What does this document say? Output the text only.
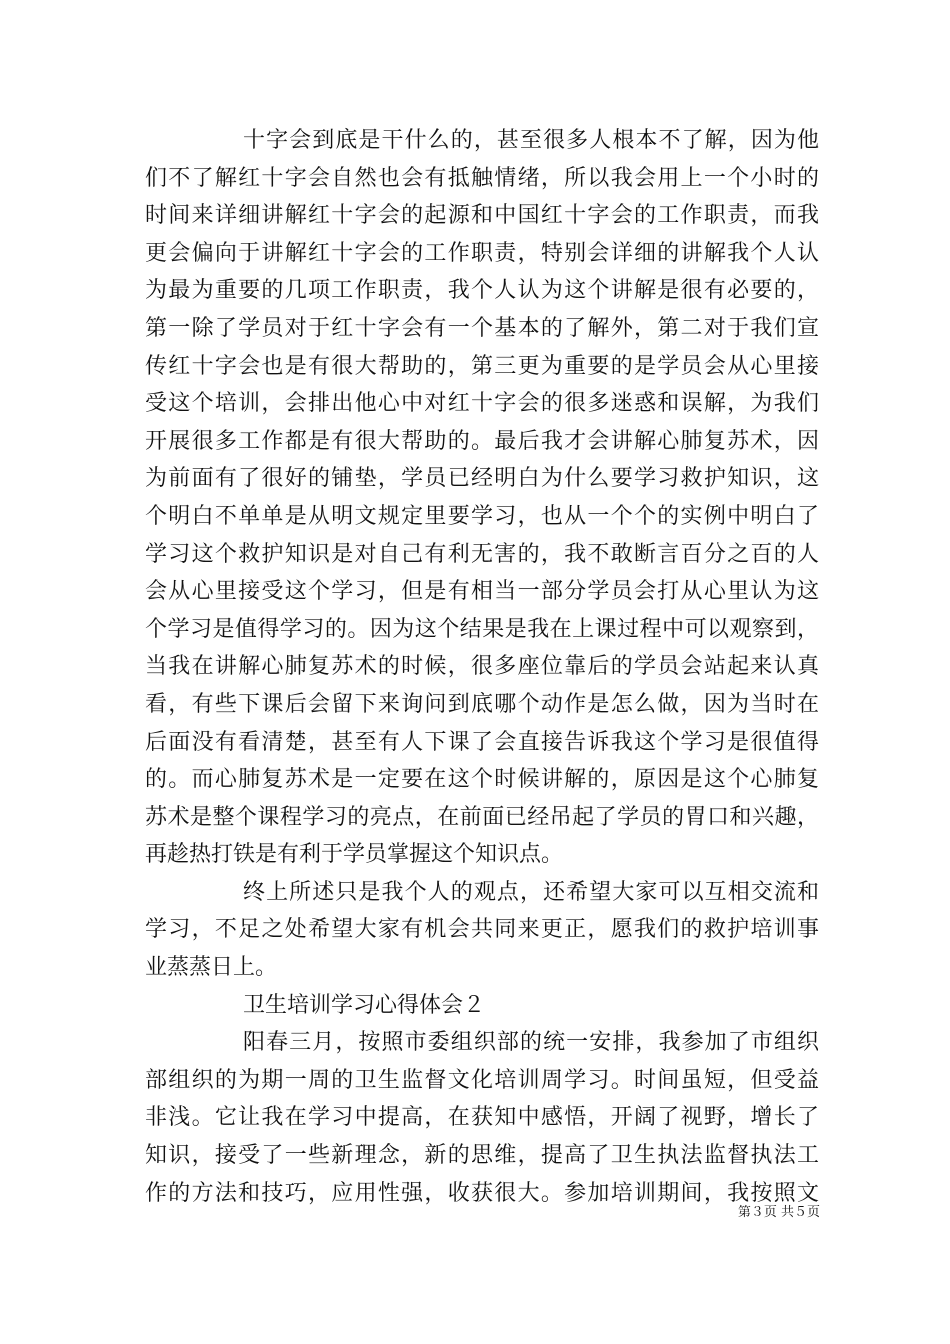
十字会到底是干什么的，甚至很多人根本不了解，因为他
们不了解红十字会自然也会有抵触情绪，所以我会用上一个小时的
时间来详细讲解红十字会的起源和中国红十字会的工作职责，而我
更会偏向于讲解红十字会的工作职责，特别会详细的讲解我个人认
为最为重要的几项工作职责，我个人认为这个讲解是很有必要的，
第一除了学员对于红十字会有一个基本的了解外，第二对于我们宣
传红十字会也是有很大帮助的，第三更为重要的是学员会从心里接
受这个培训，会排出他心中对红十字会的很多迷惑和误解，为我们
开展很多工作都是有很大帮助的。最后我才会讲解心肺复苏术，因
为前面有了很好的铺垫，学员已经明白为什么要学习救护知识，这
个明白不单单是从明文规定里要学习，也从一个个的实例中明白了
学习这个救护知识是对自己有利无害的，我不敢断言百分之百的人
会从心里接受这个学习，但是有相当一部分学员会打从心里认为这
个学习是值得学习的。因为这个结果是我在上课过程中可以观察到，
当我在讲解心肺复苏术的时候，很多座位靠后的学员会站起来认真
看，有些下课后会留下来询问到底哪个动作是怎么做，因为当时在
后面没有看清楚，甚至有人下课了会直接告诉我这个学习是很值得
的。而心肺复苏术是一定要在这个时候讲解的，原因是这个心肺复
苏术是整个课程学习的亮点，在前面已经吊起了学员的胃口和兴趣，
再趁热打铁是有利于学员掌握这个知识点。
终上所述只是我个人的观点，还希望大家可以互相交流和
学习，不足之处希望大家有机会共同来更正，愿我们的救护培训事
业蒸蒸日上。
卫生培训学习心得体会２
阳春三月，按照市委组织部的统一安排，我参加了市组织
部组织的为期一周的卫生监督文化培训周学习。时间虽短，但受益
非浅。它让我在学习中提高，在获知中感悟，开阔了视野，增长了
知识，接受了一些新理念，新的思维，提高了卫生执法监督执法工
作的方法和技巧，应用性强，收获很大。参加培训期间，我按照文
第３页 共５页
